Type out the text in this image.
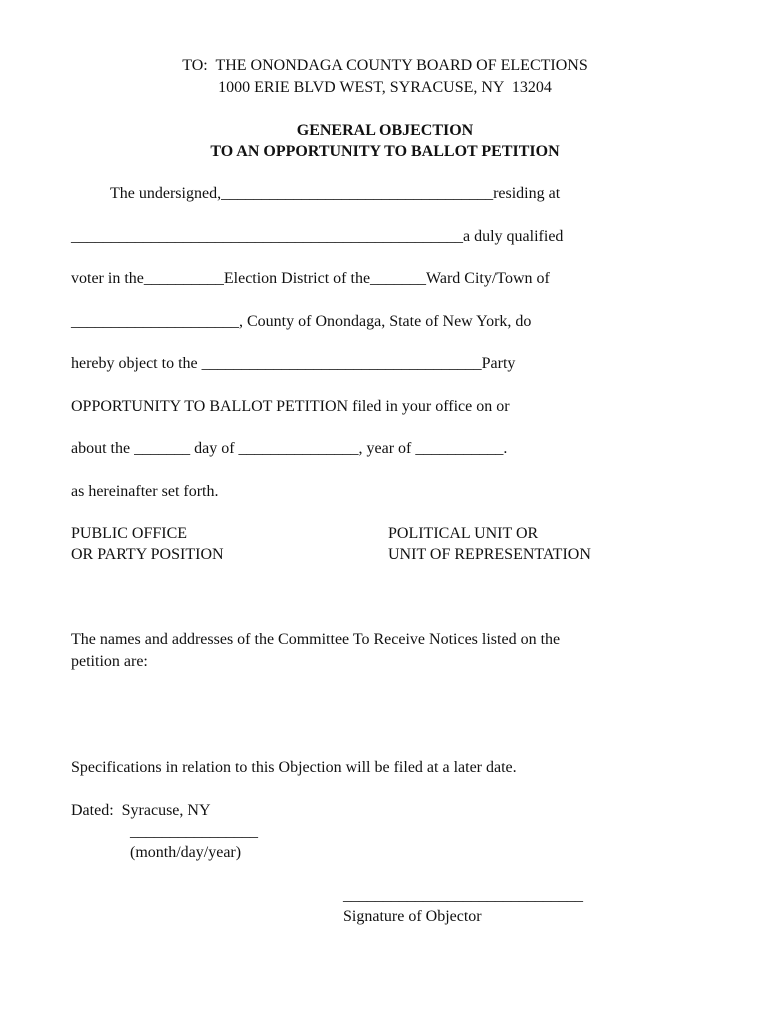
TO:  THE ONONDAGA COUNTY BOARD OF ELECTIONS
1000 ERIE BLVD WEST, SYRACUSE, NY  13204
GENERAL OBJECTION
TO AN OPPORTUNITY TO BALLOT PETITION
The undersigned,__________________________________residing at
_________________________________________________a duly qualified
voter in the__________Election District of the_______Ward City/Town of
_____________________, County of Onondaga, State of New York, do
hereby object to the ___________________________________Party
OPPORTUNITY TO BALLOT PETITION filed in your office on or
about the _______ day of _______________, year of ___________.
as hereinafter set forth.
PUBLIC OFFICE
OR PARTY POSITION
POLITICAL UNIT OR
UNIT OF REPRESENTATION
The names and addresses of the Committee To Receive Notices listed on the
petition are:
Specifications in relation to this Objection will be filed at a later date.
Dated:  Syracuse, NY
________________
(month/day/year)
______________________________
Signature of Objector
